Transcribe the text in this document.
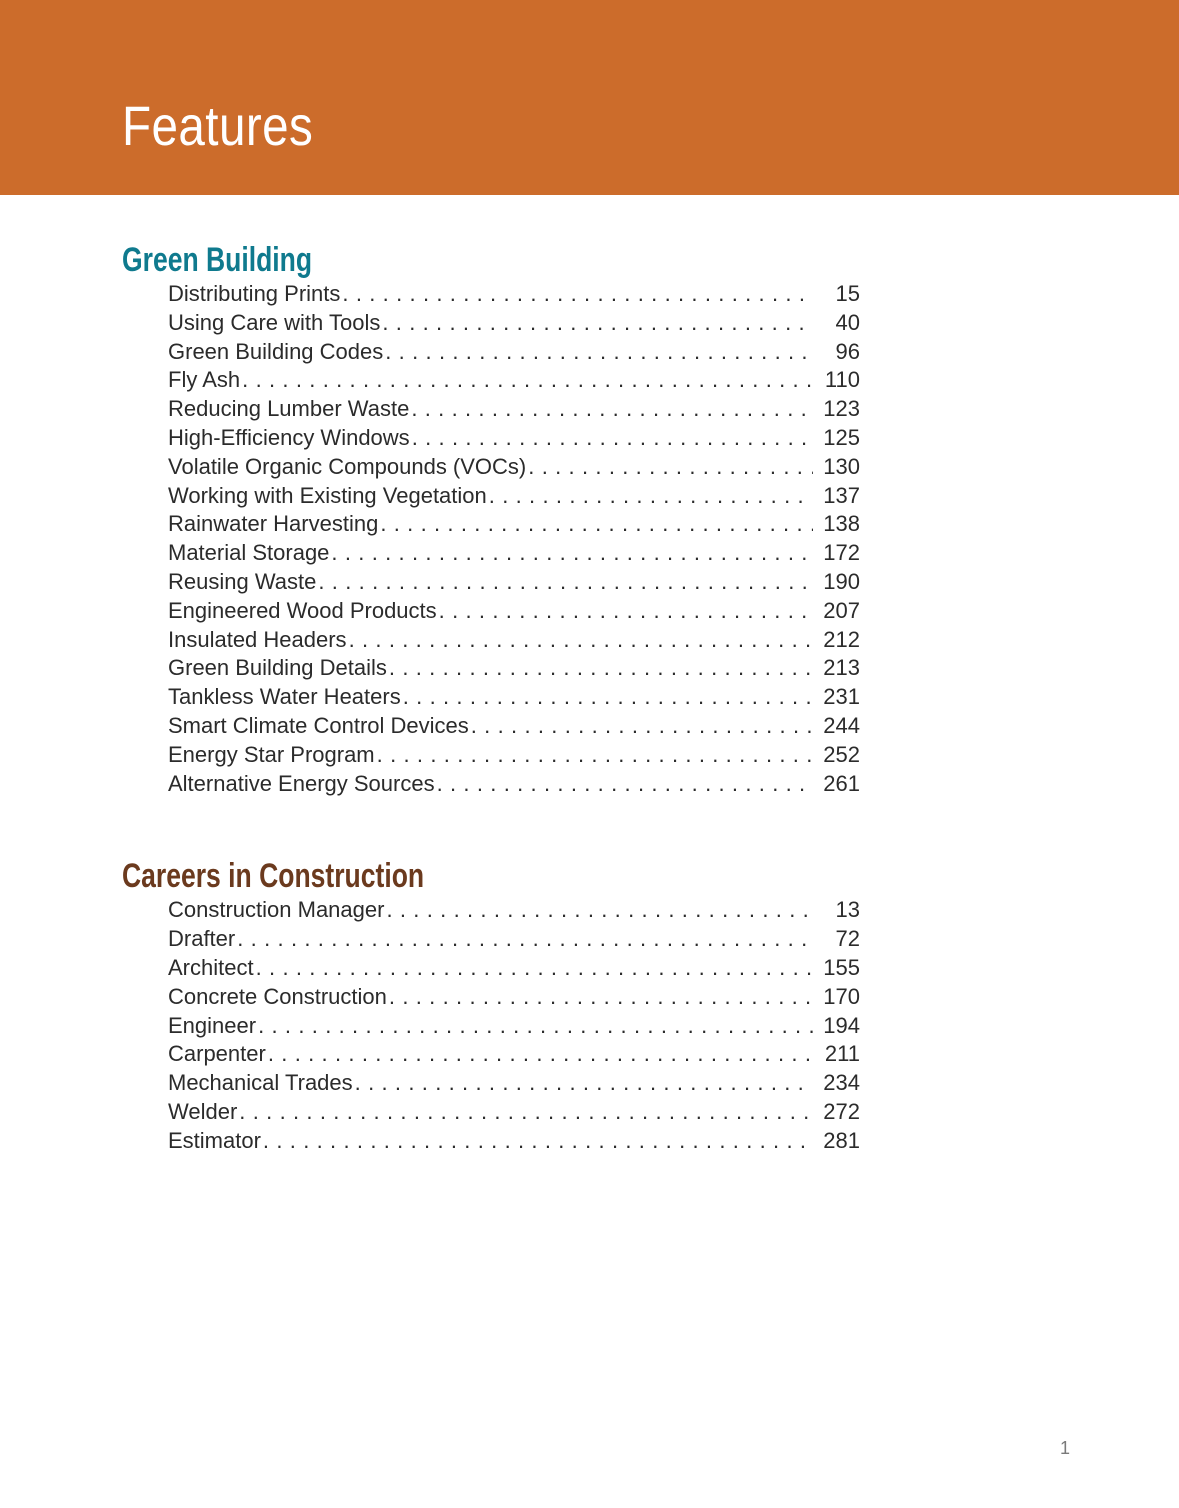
Features
Green Building
Distributing Prints . . .	15
Using Care with Tools . . .	40
Green Building Codes . . .	96
Fly Ash . . .	110
Reducing Lumber Waste . . .	123
High-Efficiency Windows . . .	125
Volatile Organic Compounds (VOCs) . . .	130
Working with Existing Vegetation . . .	137
Rainwater Harvesting . . .	138
Material Storage . . .	172
Reusing Waste . . .	190
Engineered Wood Products . . .	207
Insulated Headers . . .	212
Green Building Details . . .	213
Tankless Water Heaters . . .	231
Smart Climate Control Devices . . .	244
Energy Star Program . . .	252
Alternative Energy Sources . . .	261
Careers in Construction
Construction Manager . . .	13
Drafter . . .	72
Architect . . .	155
Concrete Construction . . .	170
Engineer . . .	194
Carpenter . . .	211
Mechanical Trades . . .	234
Welder . . .	272
Estimator . . .	281
1
